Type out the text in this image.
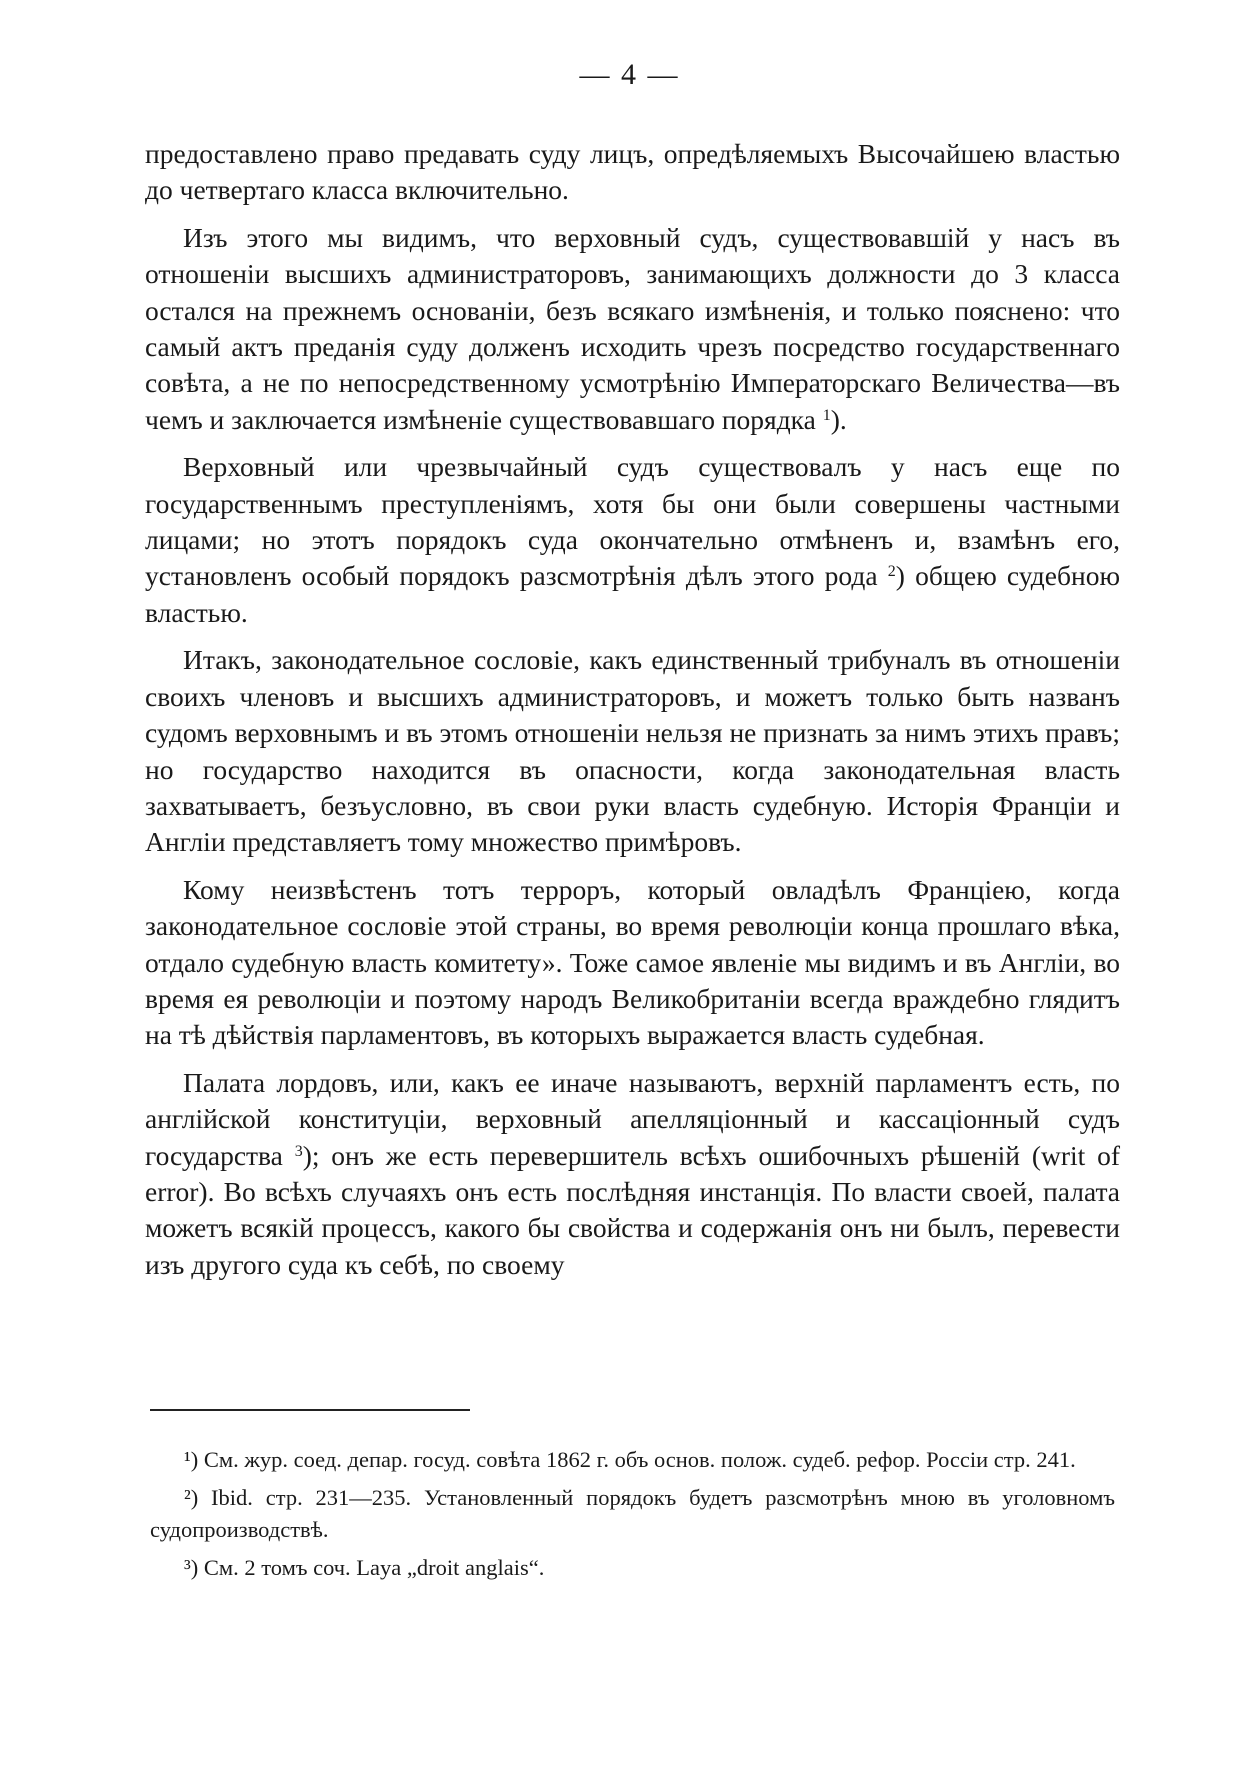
— 4 —

предоставлено право предавать суду лицъ, опредѣляемыхъ Высочайшею властью до четвертаго класса включительно.

Изъ этого мы видимъ, что верховный судъ, существовавшій у насъ въ отношеніи высшихъ администраторовъ, занимающихъ должности до 3 класса остался на прежнемъ основаніи, безъ всякаго измѣненія, и только пояснено: что самый актъ преданія суду долженъ исходить чрезъ посредство государственнаго совѣта, а не по непосредственному усмотрѣнію Императорскаго Величества—въ чемъ и заключается измѣненіе существовавшаго порядка $^1$).

Верховный или чрезвычайный судъ существовалъ у насъ еще по государственнымъ преступленіямъ, хотя бы они были совершены частными лицами; но этотъ порядокъ суда окончательно отмѣненъ и, взамѣнъ его, установленъ особый порядокъ разсмотрѣнія дѣлъ этого рода $^2$) общею судебною властью.

Итакъ, законодательное сословіе, какъ единственный трибуналъ въ отношеніи своихъ членовъ и высшихъ администраторовъ, и можетъ только быть названъ судомъ верховнымъ и въ этомъ отношеніи нельзя не признать за нимъ этихъ правъ; но государство находится въ опасности, когда законодательная власть захватываетъ, безъусловно, въ свои руки власть судебную. Исторія Франціи и Англіи представляетъ тому множество примѣровъ.

Кому неизвѣстенъ тотъ терроръ, который овладѣлъ Франціею, когда законодательное сословіе этой страны, во время революціи конца прошлаго вѣка, отдало судебную власть комитету». Тоже самое явленіе мы видимъ и въ Англіи, во время ея революціи и поэтому народъ Великобританіи всегда враждебно глядитъ на тѣ дѣйствія парламентовъ, въ которыхъ выражается власть судебная.

Палата лордовъ, или, какъ ее иначе называютъ, верхній парламентъ есть, по англійской конституціи, верховный апелляціонный и кассаціонный судъ государства $^3$); онъ же есть перевершитель всѣхъ ошибочныхъ рѣшеній (writ of error). Во всѣхъ случаяхъ онъ есть послѣдняя инстанція. По власти своей, палата можетъ всякій процессъ, какого бы свойства и содержанія онъ ни былъ, перевести изъ другого суда къ себѣ, по своему

¹) См. жур. соед. депар. госуд. совѣта 1862 г. объ основ. полож. судеб. рефор. Россіи стр. 241.

²) Ibid. стр. 231—235. Установленный порядокъ будетъ разсмотрѣнъ мною въ уголовномъ судопроизводствѣ.

³) См. 2 томъ соч. Laya „droit anglais“.
